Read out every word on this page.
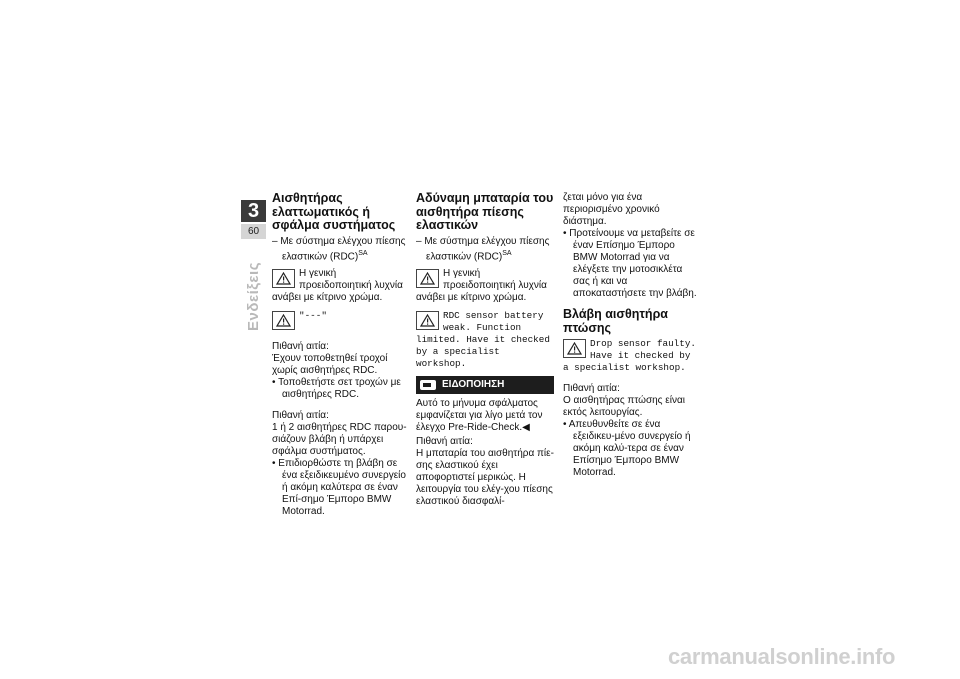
3
60
Ενδείξεις
Αισθητήρας ελαττωματικός ή σφάλμα συστήματος

– Με σύστημα ελέγχου πίεσης ελαστικών (RDC)$^{SA}$

Η γενική προειδοποιητική λυχνία ανάβει με κίτρινο χρώμα.
"---"

Πιθανή αιτία:

Έχουν τοποθετηθεί τροχοί χωρίς αισθητήρες RDC.

• Τοποθετήστε σετ τροχών με αισθητήρες RDC.

Πιθανή αιτία:

1 ή 2 αισθητήρες RDC παρου-σιάζουν βλάβη ή υπάρχει σφάλμα συστήματος.

• Επιδιορθώστε τη βλάβη σε ένα εξειδικευμένο συνεργείο ή ακόμη καλύτερα σε έναν Επί-σημο Έμπορο BMW Motorrad.

Αδύναμη μπαταρία του αισθητήρα πίεσης ελαστικών

– Με σύστημα ελέγχου πίεσης ελαστικών (RDC)$^{SA}$

Η γενική προειδοποιητική λυχνία ανάβει με κίτρινο χρώμα.
RDC sensor battery weak. Function limited. Have it checked by a specialist workshop.
ΕΙΔΟΠΟΙΗΣΗ

Αυτό το μήνυμα σφάλματος εμφανίζεται για λίγο μετά τον έλεγχο Pre-Ride-Check.◀

Πιθανή αιτία:

Η μπαταρία του αισθητήρα πίε-σης ελαστικού έχει αποφορτιστεί μερικώς. Η λειτουργία του ελέγ-χου πίεσης ελαστικού διασφαλί-

ζεται μόνο για ένα περιορισμένο χρονικό διάστημα.

• Προτείνουμε να μεταβείτε σε έναν Επίσημο Έμπορο BMW Motorrad για να ελέγξετε την μοτοσικλέτα σας ή και να αποκαταστήσετε την βλάβη.

Βλάβη αισθητήρα πτώσης
Drop sensor faulty. Have it checked by a specialist workshop.

Πιθανή αιτία:

Ο αισθητήρας πτώσης είναι εκτός λειτουργίας.

• Απευθυνθείτε σε ένα εξειδικευ-μένο συνεργείο ή ακόμη καλύ-τερα σε έναν Επίσημο Έμπορο BMW Motorrad.

carmanualsonline.info
